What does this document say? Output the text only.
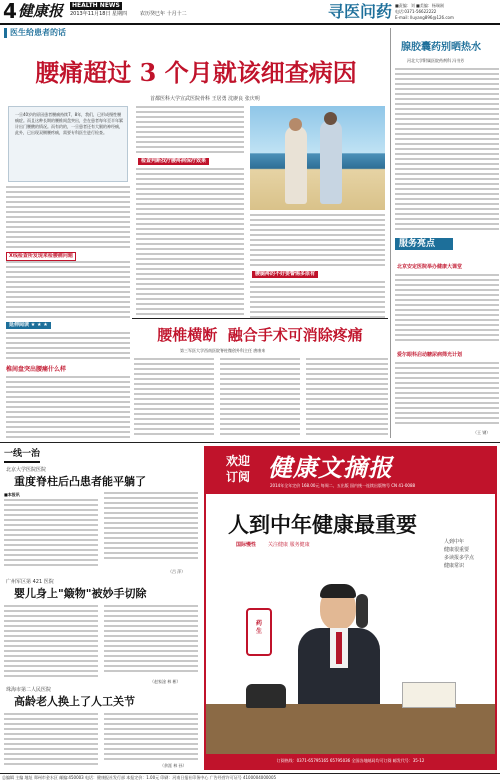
4 健康报	HEALTH NEWS
2013年11月18日 星期四	农历癸巳年 十月十二	寻医问药 ■责编：刘 ■美编：杨瑞刚
电话:0371-56622222
E-mail: lluyang896@126.com
医生给患者的话
腰痛超过 3 个月就该细查病因
首都医科大学宣武医院骨科 王居勇 沈赓良 张庆明
一旦40岁的原因患者腰痛持续7、8年，我们，已形成慢性腰痛症。而且这种长期的腰椎间盘突出，会在患者每年至半年累计出门腰酸的情况。而有约的，一旦患者还有大腿的神经痛，此外，已出现双侧腰疼痛，需要专科医生进行检查。
X线检查所发现来检腰痛问题
检查判断找疗腰疼病保疗效果
腰腿疼的不好要警惕多原有
延伸阅读 ★ ★ ★
椎间盘突出腰痛什么样
腰椎横断  融合手术可消除疼痛
第三军医大学西南医院脊柱微创外科主任 唐康来
腺胶囊药别晒热水
河北大学附属医院药剂科 冯书芳
服务亮点
北京安定医院举办健康大课堂
爱尔眼科启动糖尿病筛光计划
（王 钢）
一线一治
北京大学医院医院
重度脊柱后凸患者能平躺了
■本报讯
（吕 萍）
广州军区第 421 医院
婴儿身上"簸物"被妙手切除
（赵家淦 林 彬）
珠海市第二人民医院
高龄老人换上了人工关节
（余涯 林 孙）
欢迎
订阅 健康文摘报
2014年全年定价 168.00元 每周二、五出版 国内统一连续出版物号 CN 41-0088
人到中年健康最重要
国际慢性 关注健康 服务健康	人到中年
健康很重要
多读报多学点
健康常识
药
生
订阅热线：0371-65795165 65795036 全国各地邮局均可订阅 邮发代号：35-12
总编辑 主编 地址 郑州市金水区 邮编:450003 电话：健康报社发行部 本报定价：1.00元 印刷：河南日报社印务中心 广告经营许可证号 4100004000005
